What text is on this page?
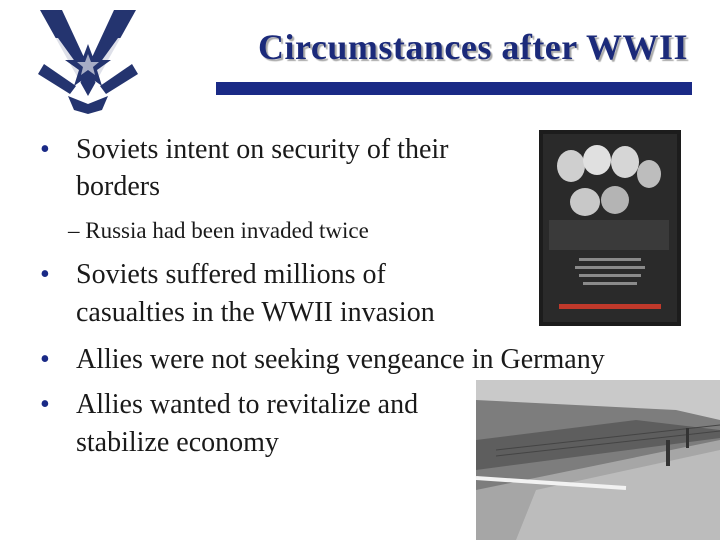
Circumstances after WWII
• Soviets intent on security of their
borders
– Russia had been invaded twice
• Soviets suffered millions of
casualties in the WWII invasion
• Allies were not seeking vengeance in Germany
• Allies wanted to revitalize and
stabilize economy
